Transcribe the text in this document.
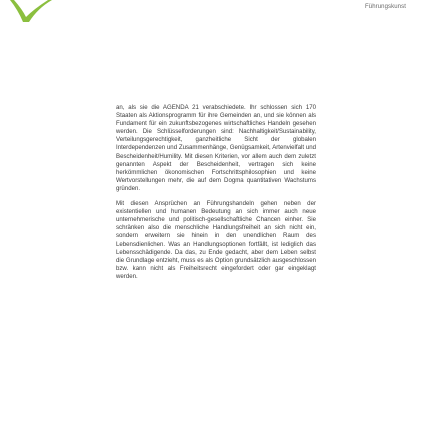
Führungskunst

an, als sie die AGENDA 21 verabschiedete. Ihr schlossen sich 170 Staaten als Aktionsprogramm für ihre Gemeinden an, und sie können als Fundament für ein zukunftsbezogenes wirtschaftliches Handeln gesehen werden. Die Schlüsselforderungen sind: Nachhaltigkeit/Sustainability, Verteilungsgerechtigkeit, ganzheitliche Sicht der globalen Interdependenzen und Zusammenhänge, Genügsamkeit, Artenvielfalt und Bescheidenheit/Humility. Mit diesen Kriterien, vor allem auch dem zuletzt genannten Aspekt der Bescheidenheit, vertragen sich keine herkömmlichen ökonomischen Fortschrittsphilosophien und keine Wertvorstellungen mehr, die auf dem Dogma quantitativen Wachstums gründen.

Mit diesen Ansprüchen an Führungshandeln gehen neben der existentiellen und humanen Bedeutung an sich immer auch neue unternehmerische und politisch-gesellschaftliche Chancen einher. Sie schränken also die menschliche Handlungsfreiheit an sich nicht ein, sondern erweitern sie hinein in den unendlichen Raum des Lebensdienlichen. Was an Handlungsoptionen fortfällt, ist lediglich das Lebensschädigende. Da das, zu Ende gedacht, aber dem Leben selbst die Grundlage entzieht, muss es als Option grundsätzlich ausgeschlossen bzw. kann nicht als Freiheitsrecht eingefordert oder gar eingeklagt werden.
